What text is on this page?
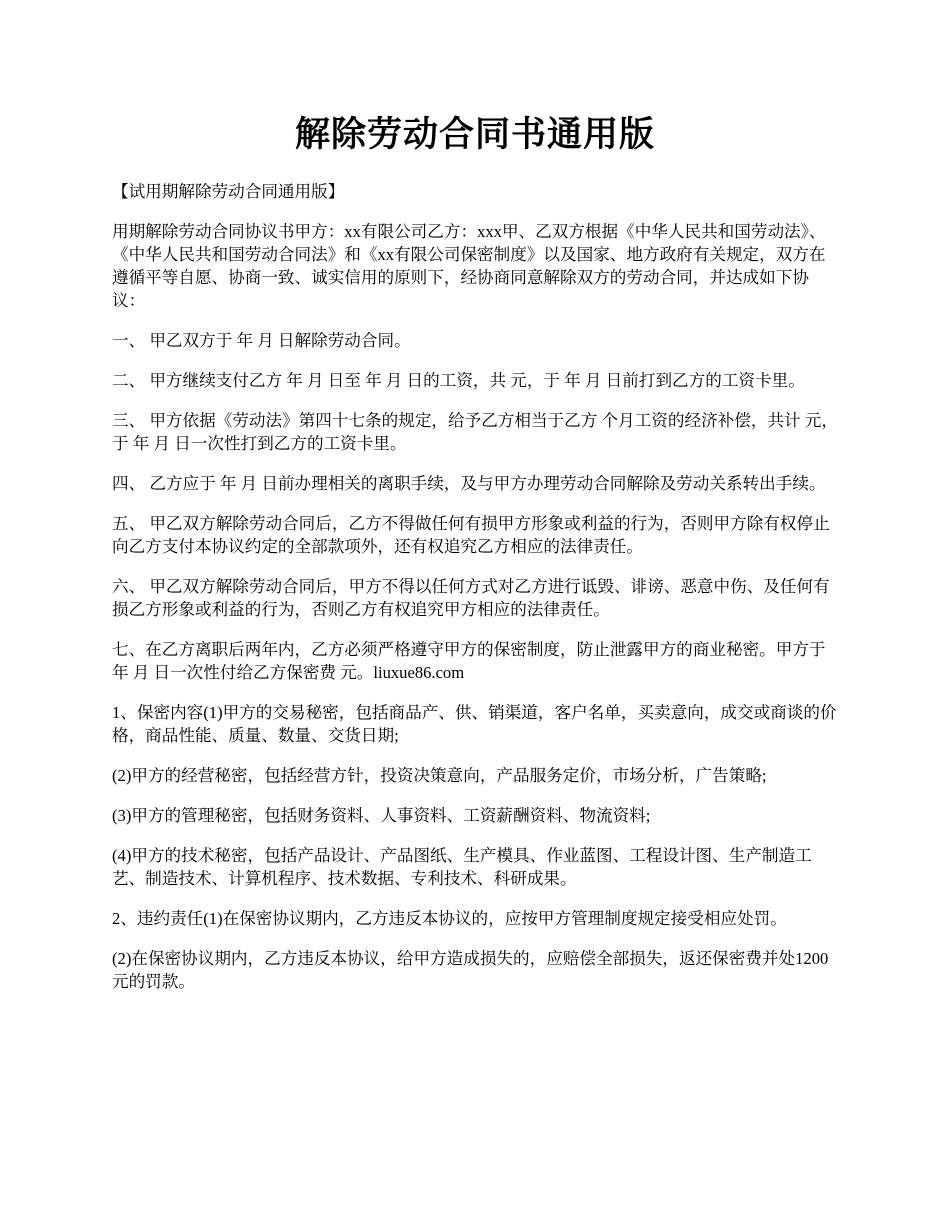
解除劳动合同书通用版

【试用期解除劳动合同通用版】

用期解除劳动合同协议书甲方：xx有限公司乙方：xxx甲、乙双方根据《中华人民共和国劳动法》、《中华人民共和国劳动合同法》和《xx有限公司保密制度》以及国家、地方政府有关规定，双方在遵循平等自愿、协商一致、诚实信用的原则下，经协商同意解除双方的劳动合同，并达成如下协议：

一、 甲乙双方于 年 月 日解除劳动合同。

二、 甲方继续支付乙方 年 月 日至 年 月 日的工资，共 元，于 年 月 日前打到乙方的工资卡里。

三、 甲方依据《劳动法》第四十七条的规定，给予乙方相当于乙方 个月工资的经济补偿，共计 元，于 年 月 日一次性打到乙方的工资卡里。

四、 乙方应于 年 月 日前办理相关的离职手续，及与甲方办理劳动合同解除及劳动关系转出手续。

五、 甲乙双方解除劳动合同后，乙方不得做任何有损甲方形象或利益的行为，否则甲方除有权停止向乙方支付本协议约定的全部款项外，还有权追究乙方相应的法律责任。

六、 甲乙双方解除劳动合同后，甲方不得以任何方式对乙方进行诋毁、诽谤、恶意中伤、及任何有损乙方形象或利益的行为，否则乙方有权追究甲方相应的法律责任。

七、在乙方离职后两年内，乙方必须严格遵守甲方的保密制度，防止泄露甲方的商业秘密。甲方于 年 月 日一次性付给乙方保密费 元。liuxue86.com

1、保密内容(1)甲方的交易秘密，包括商品产、供、销渠道，客户名单，买卖意向，成交或商谈的价格，商品性能、质量、数量、交货日期;

(2)甲方的经营秘密，包括经营方针，投资决策意向，产品服务定价，市场分析，广告策略;

(3)甲方的管理秘密，包括财务资料、人事资料、工资薪酬资料、物流资料;

(4)甲方的技术秘密，包括产品设计、产品图纸、生产模具、作业蓝图、工程设计图、生产制造工艺、制造技术、计算机程序、技术数据、专利技术、科研成果。

2、违约责任(1)在保密协议期内，乙方违反本协议的，应按甲方管理制度规定接受相应处罚。

(2)在保密协议期内，乙方违反本协议，给甲方造成损失的，应赔偿全部损失，返还保密费并处1200元的罚款。
